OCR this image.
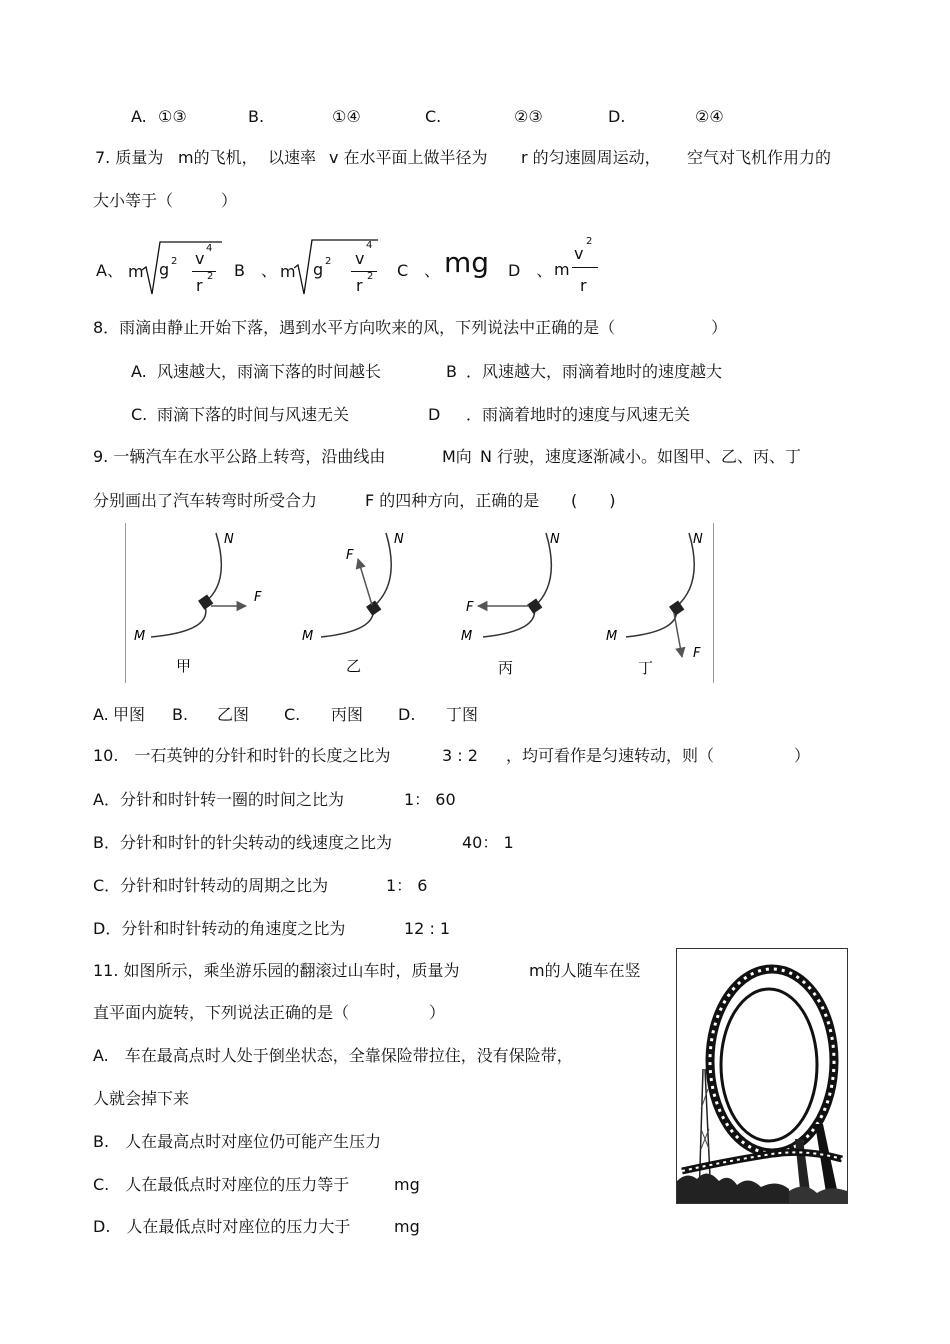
A. ①③	B.	①④	C.	②③	D.	②④
7. 质量为 m的飞机， 以速率 v 在水平面上做半径为 r 的匀速圆周运动， 空气对飞机作用力的
大小等于（　　　）
A、 m g 2 v
4
r 2 B　、 m g 2 v
4
r 2 C　、 mg D　、 m
v
2
r
8．雨滴由静止开始下落，遇到水平方向吹来的风，下列说法中正确的是（　　　　　　）
A. 风速越大，雨滴下落的时间越长	B ．风速越大，雨滴着地时的速度越大
C. 雨滴下落的时间与风速无关	D ．雨滴着地时的速度与风速无关
9. 一辆汽车在水平公路上转弯，沿曲线由	M向 N 行驶，速度逐渐减小。如图甲、乙、丙、丁
分别画出了汽车转弯时所受合力	F 的四种方向，正确的是 (　　)
N
M
F
甲
N
M
F
乙
N
M
F
丙
N
M
F
丁
A. 甲图 B. 乙图 C. 丙图 D. 丁图
10.　一石英钟的分针和时针的长度之比为	3 : 2 ，均可看作是匀速转动，则（　　　　　）
A．分针和时针转一圈的时间之比为	1： 60
B．分针和时针的针尖转动的线速度之比为	40： 1
C．分针和时针转动的周期之比为	1： 6
D．分针和时针转动的角速度之比为	12 : 1
11. 如图所示，乘坐游乐园的翻滚过山车时，质量为	m的人随车在竖
直平面内旋转，下列说法正确的是（　　　　　）
A.　车在最高点时人处于倒坐状态，全靠保险带拉住，没有保险带，
人就会掉下来
B.　人在最高点时对座位仍可能产生压力
C.　人在最低点时对座位的压力等于	mg
D.　人在最低点时对座位的压力大于	mg
